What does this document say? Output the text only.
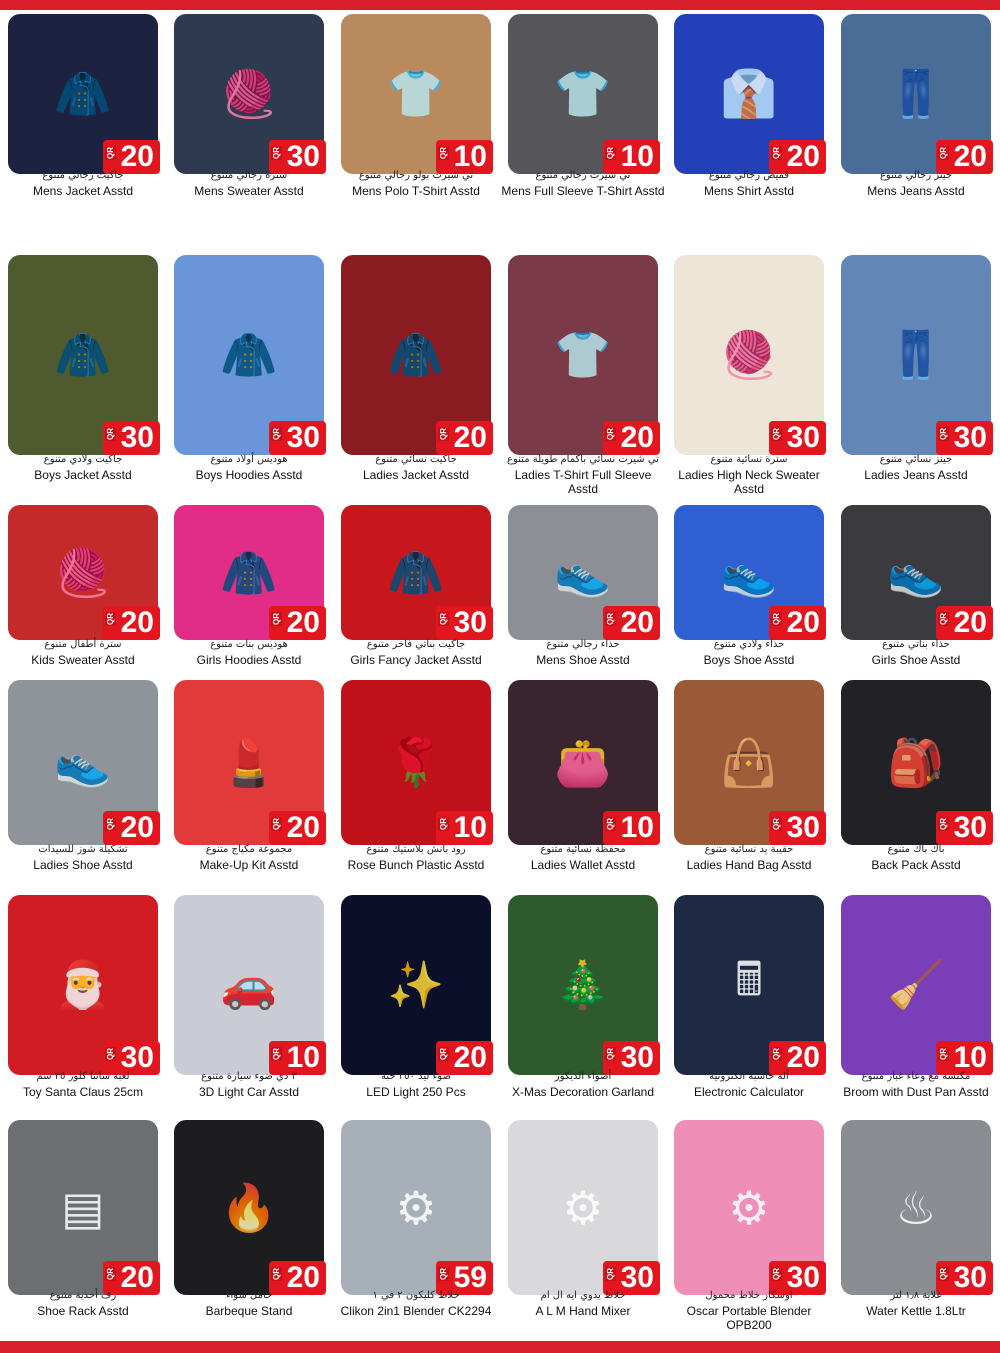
🧥
QR 20
جاكيت رجالي متنوع
Mens Jacket Asstd
🧶
QR 30
سترة رجالي متنوع
Mens Sweater Asstd
👕
QR 10
تي شيرت بولو رجالي متنوع
Mens Polo T-Shirt Asstd
👕
QR 10
تي شيرت رجالي متنوع
Mens Full Sleeve T-Shirt Asstd
👔
QR 20
قميص رجالي متنوع
Mens Shirt Asstd
👖
QR 20
جينز رجالي متنوع
Mens Jeans Asstd
🧥
QR 30
جاكيت ولادي متنوع
Boys Jacket Asstd
🧥
QR 30
هوديس أولاد متنوع
Boys Hoodies Asstd
🧥
QR 20
جاكيت نسائي متنوع
Ladies Jacket Asstd
👕
QR 20
تي شيرت نسائي باكمام طويلة متنوع
Ladies T-Shirt Full Sleeve Asstd
🧶
QR 30
سترة نسائية متنوع
Ladies High Neck Sweater Asstd
👖
QR 30
جينز نسائي متنوع
Ladies Jeans Asstd
🧶
QR 20
سترة أطفال متنوع
Kids Sweater Asstd
🧥
QR 20
هوديس بنات متنوع
Girls Hoodies Asstd
🧥
QR 30
جاكيت بناتي فاخر متنوع
Girls Fancy Jacket Asstd
👟
QR 20
حذاء رجالي متنوع
Mens Shoe Asstd
👟
QR 20
حذاء ولادي متنوع
Boys Shoe Asstd
👟
QR 20
حذاء بناتي متنوع
Girls Shoe Asstd
👟
QR 20
تشكيلة شوز للسيدات
Ladies Shoe Asstd
💄
QR 20
مجموعة مكياج متنوع
Make-Up Kit Asstd
🌹
QR 10
رود بانش بلاستيك متنوع
Rose Bunch Plastic Asstd
👛
QR 10
محفظة نسائية متنوع
Ladies Wallet Asstd
👜
QR 30
حقيبة يد نسائية متنوع
Ladies Hand Bag Asstd
🎒
QR 30
باك باك متنوع
Back Pack Asstd
🎅
QR 30
لعبة سانتا كلوز ٢٥ سم
Toy Santa Claus 25cm
🚗
QR 10
٣ دي ضوء سيارة متنوع
3D Light Car Asstd
✨
QR 20
ضوء ليد ٢٥٠ حبة
LED Light 250 Pcs
🎄
QR 30
أضواء الديكور
X-Mas Decoration Garland
🖩
QR 20
آلة حاسبة الكترونية
Electronic Calculator
🧹
QR 10
مكنسة مع وعاء غبار متنوع
Broom with Dust Pan Asstd
▤
QR 20
رف أحذية متنوع
Shoe Rack Asstd
🔥
QR 20
حامل شواء
Barbeque Stand
⚙
QR 59
خلاط كليكون ٢ في ١
Clikon 2in1 Blender CK2294
⚙
QR 30
خلاط يدوي ايه ال ام
A L M Hand Mixer
⚙
QR 30
اوسكار خلاط محمول
Oscar Portable Blender OPB200
♨
QR 30
غلاية ١٫٨ لتر
Water Kettle 1.8Ltr
